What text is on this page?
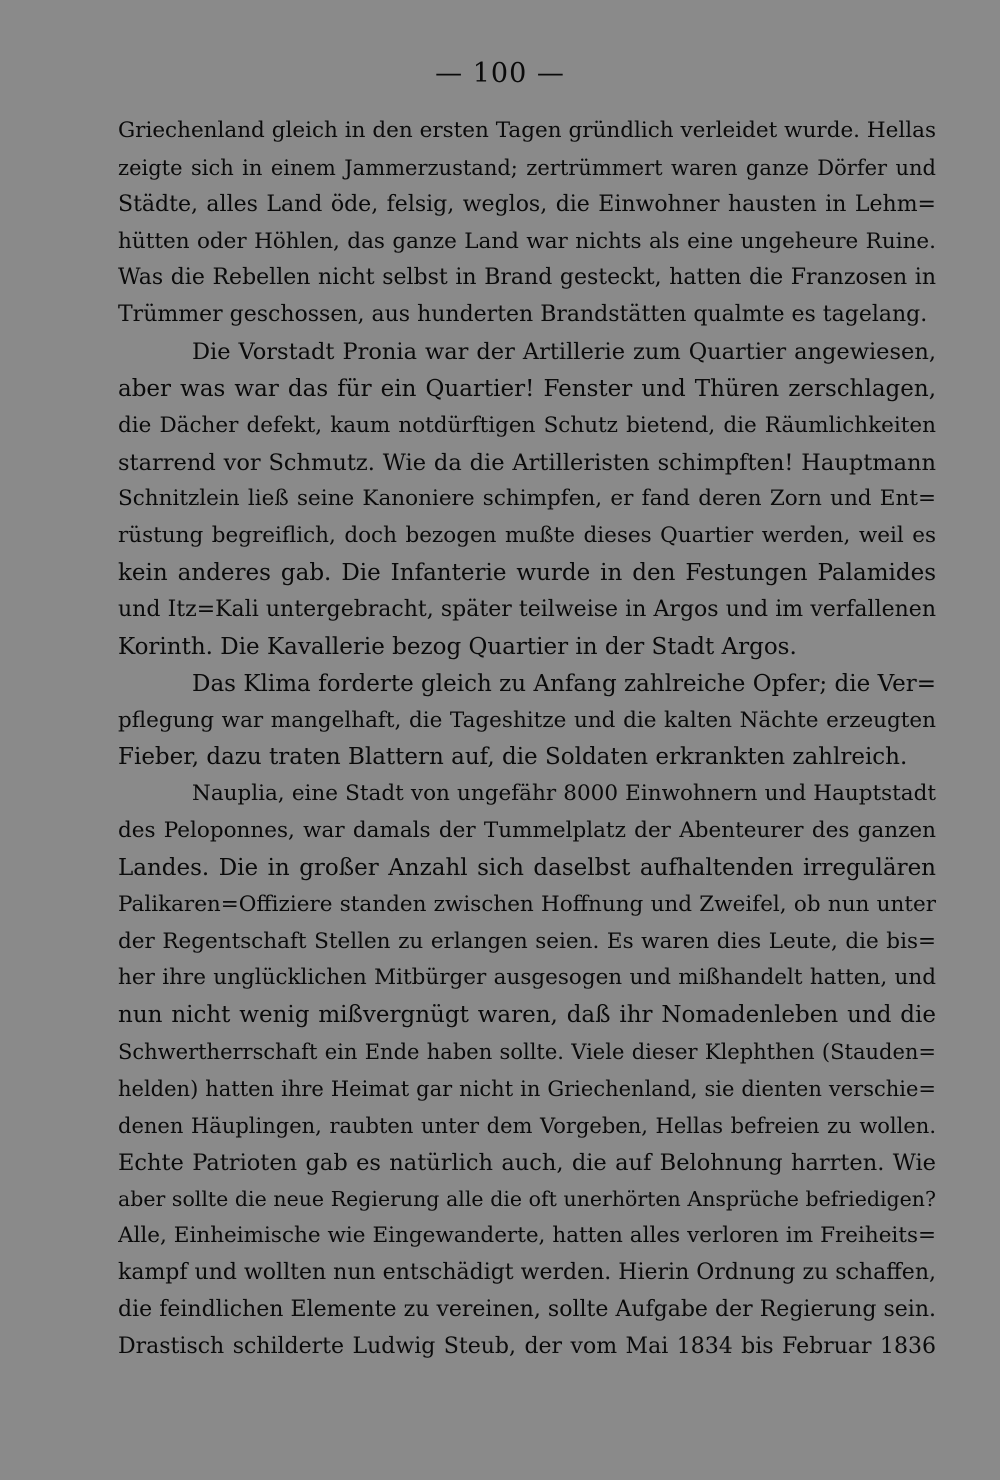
— 100 —
Griechenland gleich in den ersten Tagen gründlich verleidet wurde. Hellas
zeigte sich in einem Jammerzustand; zertrümmert waren ganze Dörfer und
Städte, alles Land öde, felsig, weglos, die Einwohner hausten in Lehm=
hütten oder Höhlen, das ganze Land war nichts als eine ungeheure Ruine.
Was die Rebellen nicht selbst in Brand gesteckt, hatten die Franzosen in
Trümmer geschossen, aus hunderten Brandstätten qualmte es tagelang.
Die Vorstadt Pronia war der Artillerie zum Quartier angewiesen,
aber was war das für ein Quartier! Fenster und Thüren zerschlagen,
die Dächer defekt, kaum notdürftigen Schutz bietend, die Räumlichkeiten
starrend vor Schmutz. Wie da die Artilleristen schimpften! Hauptmann
Schnitzlein ließ seine Kanoniere schimpfen, er fand deren Zorn und Ent=
rüstung begreiflich, doch bezogen mußte dieses Quartier werden, weil es
kein anderes gab. Die Infanterie wurde in den Festungen Palamides
und Itz=Kali untergebracht, später teilweise in Argos und im verfallenen
Korinth. Die Kavallerie bezog Quartier in der Stadt Argos.
Das Klima forderte gleich zu Anfang zahlreiche Opfer; die Ver=
pflegung war mangelhaft, die Tageshitze und die kalten Nächte erzeugten
Fieber, dazu traten Blattern auf, die Soldaten erkrankten zahlreich.
Nauplia, eine Stadt von ungefähr 8000 Einwohnern und Hauptstadt
des Peloponnes, war damals der Tummelplatz der Abenteurer des ganzen
Landes. Die in großer Anzahl sich daselbst aufhaltenden irregulären
Palikaren=Offiziere standen zwischen Hoffnung und Zweifel, ob nun unter
der Regentschaft Stellen zu erlangen seien. Es waren dies Leute, die bis=
her ihre unglücklichen Mitbürger ausgesogen und mißhandelt hatten, und
nun nicht wenig mißvergnügt waren, daß ihr Nomadenleben und die
Schwertherrschaft ein Ende haben sollte. Viele dieser Klephthen (Stauden=
helden) hatten ihre Heimat gar nicht in Griechenland, sie dienten verschie=
denen Häuplingen, raubten unter dem Vorgeben, Hellas befreien zu wollen.
Echte Patrioten gab es natürlich auch, die auf Belohnung harrten. Wie
aber sollte die neue Regierung alle die oft unerhörten Ansprüche befriedigen?
Alle, Einheimische wie Eingewanderte, hatten alles verloren im Freiheits=
kampf und wollten nun entschädigt werden. Hierin Ordnung zu schaffen,
die feindlichen Elemente zu vereinen, sollte Aufgabe der Regierung sein.
Drastisch schilderte Ludwig Steub, der vom Mai 1834 bis Februar 1836
